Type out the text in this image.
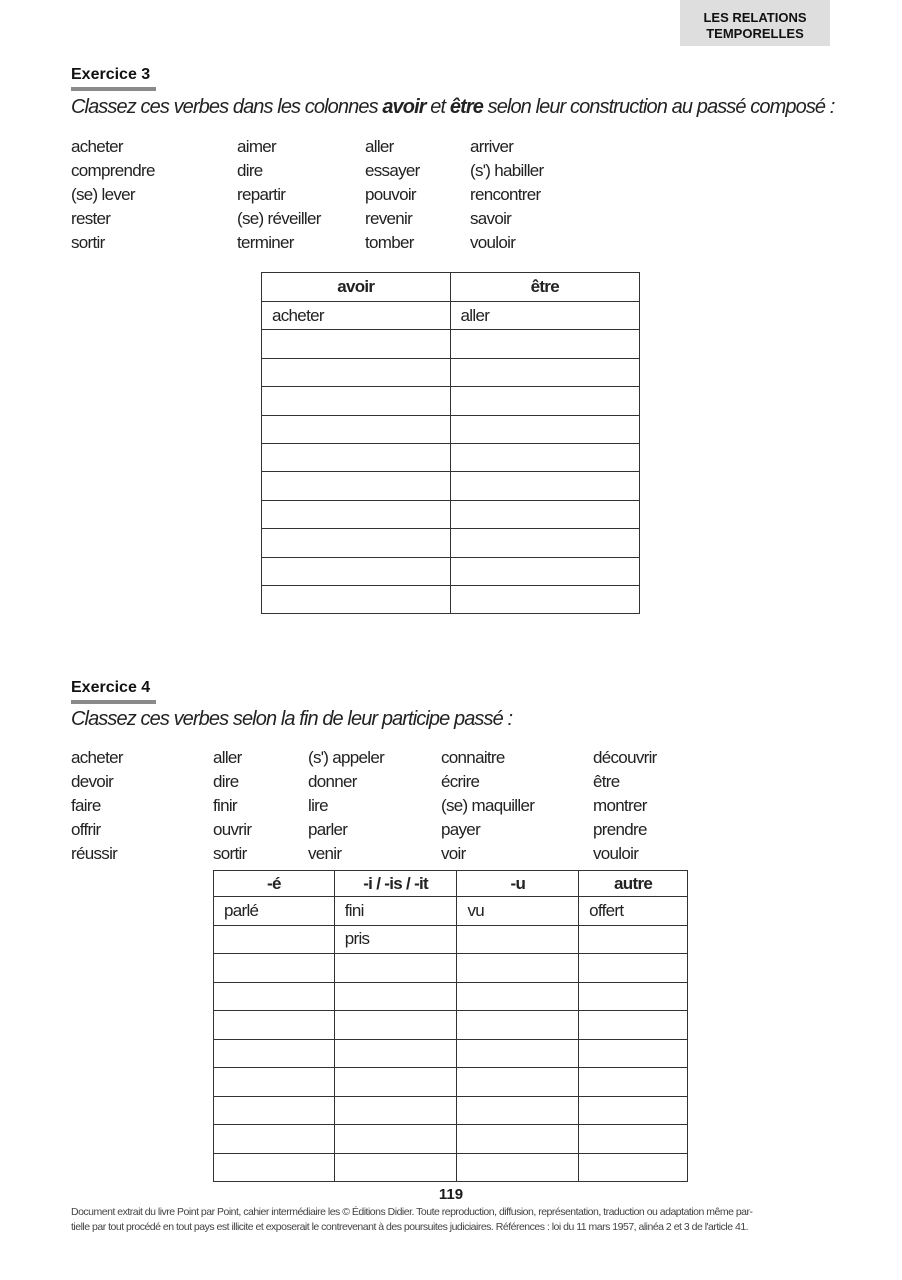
LES RELATIONS
TEMPORELLES
Exercice 3
Classez ces verbes dans les colonnes avoir et être selon leur construction au passé composé :
acheter
comprendre
(se) lever
rester
sortir
aimer
dire
repartir
(se) réveiller
terminer
aller
essayer
pouvoir
revenir
tomber
arriver
(s') habiller
rencontrer
savoir
vouloir
avoir	être
acheter	aller

Exercice 4
Classez ces verbes selon la fin de leur participe passé :
acheter
devoir
faire
offrir
réussir
aller
dire
finir
ouvrir
sortir
(s') appeler
donner
lire
parler
venir
connaitre
écrire
(se) maquiller
payer
voir
découvrir
être
montrer
prendre
vouloir
-é	-i / -is / -it	-u	autre
parlé	fini	vu	offert
	pris		

119
Document extrait du livre Point par Point, cahier intermédiaire les © Éditions Didier. Toute reproduction, diffusion, représentation, traduction ou adaptation même par-
tielle par tout procédé en tout pays est illicite et exposerait le contrevenant à des poursuites judiciaires. Références : loi du 11 mars 1957, alinéa 2 et 3 de l'article 41.
